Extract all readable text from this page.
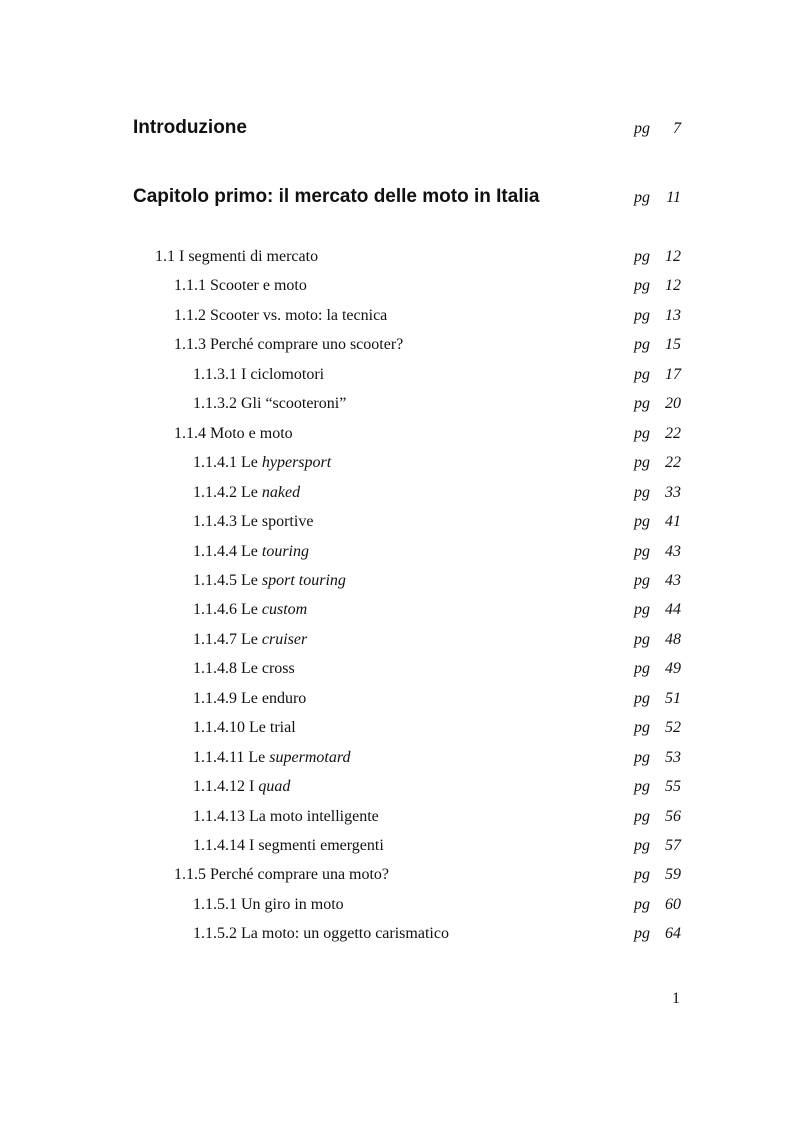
Introduzione	pg 7
Capitolo primo: il mercato delle moto in Italia	pg 11
1.1 I segmenti di mercato	pg 12
1.1.1 Scooter e moto	pg 12
1.1.2 Scooter vs. moto: la tecnica	pg 13
1.1.3 Perché comprare uno scooter?	pg 15
1.1.3.1 I ciclomotori	pg 17
1.1.3.2 Gli “scooteroni”	pg 20
1.1.4 Moto e moto	pg 22
1.1.4.1 Le hypersport	pg 22
1.1.4.2 Le naked	pg 33
1.1.4.3 Le sportive	pg 41
1.1.4.4 Le touring	pg 43
1.1.4.5 Le sport touring	pg 43
1.1.4.6 Le custom	pg 44
1.1.4.7 Le cruiser	pg 48
1.1.4.8 Le cross	pg 49
1.1.4.9 Le enduro	pg 51
1.1.4.10 Le trial	pg 52
1.1.4.11 Le supermotard	pg 53
1.1.4.12 I quad	pg 55
1.1.4.13 La moto intelligente	pg 56
1.1.4.14 I segmenti emergenti	pg 57
1.1.5 Perché comprare una moto?	pg 59
1.1.5.1 Un giro in moto	pg 60
1.1.5.2 La moto: un oggetto carismatico	pg 64
1
